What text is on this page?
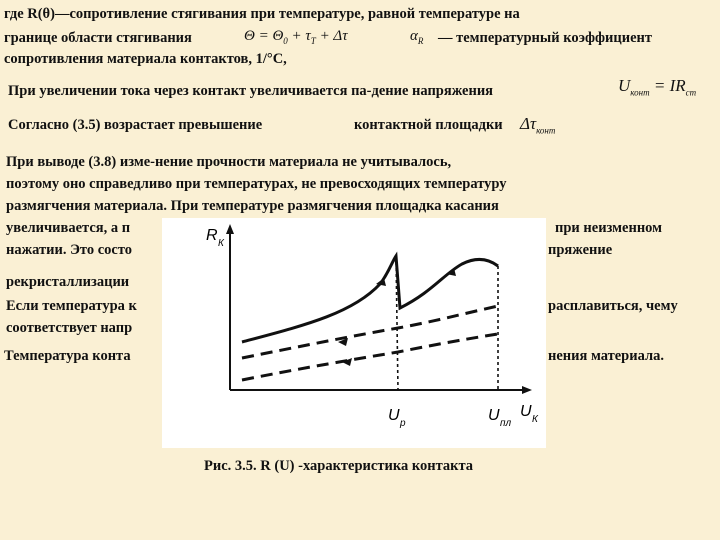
где R(θ)—сопротивление стягивания при температуре, равной температуре на
границе области стягивания	$\Theta = \Theta_0 + \tau_Т + \Delta\tau$	$\alpha_R$ — температурный коэффициент
сопротивления материала контактов, 1/°С,
При увеличении тока через контакт увеличивается па-дение напряжения	$U_{конт} = IR_{ст}$
Согласно (3.5) возрастает превышение	контактной площадки $\Delta\tau_{конт}$
При выводе (3.8) изме-нение прочности материала не учитывалось,
поэтому оно справедливо при температурах, не превосходящих температуру
размягчения материала. При температуре размягчения площадка касания
увеличивается, а п	при неизменном
нажатии. Это состо	пряжение
рекристаллизации
Если температура к	расплавиться, чему
соответствует напр
Температура конта	нения материала.
R К
U К
U р	U пл
Рис. 3.5. R (U) -характеристика контакта
